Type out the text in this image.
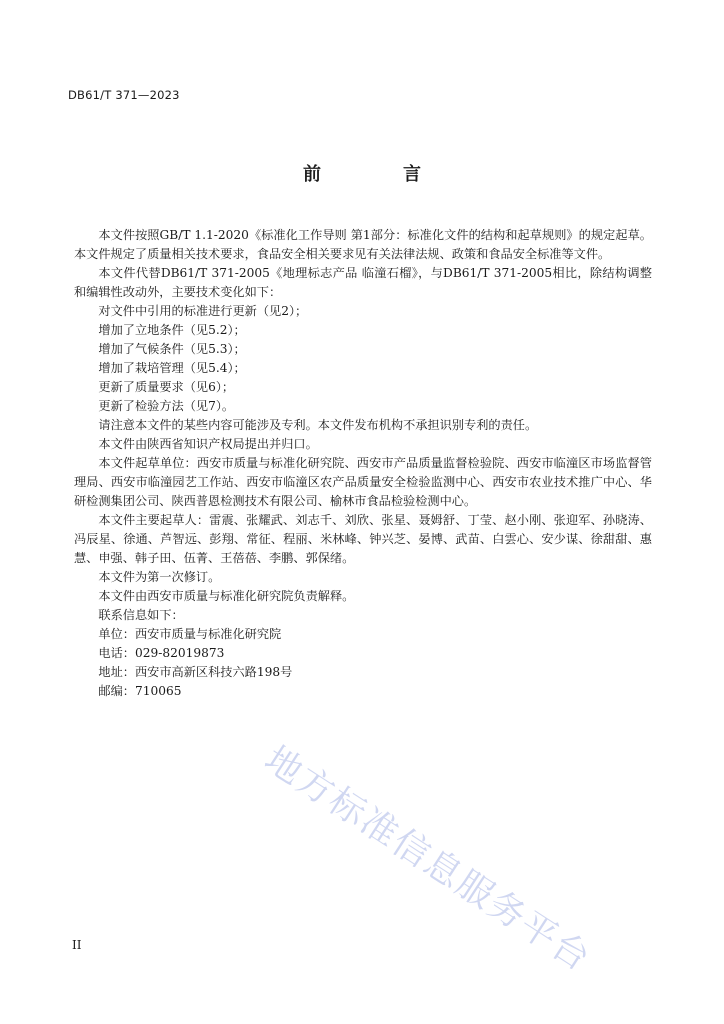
DB61/T 371—2023
前　言

本文件按照GB/T 1.1-2020《标准化工作导则 第1部分：标准化文件的结构和起草规则》的规定起草。本文件规定了质量相关技术要求，食品安全相关要求见有关法律法规、政策和食品安全标准等文件。

本文件代替DB61/T 371-2005《地理标志产品 临潼石榴》，与DB61/T 371-2005相比，除结构调整和编辑性改动外，主要技术变化如下：

对文件中引用的标准进行更新（见2）；

增加了立地条件（见5.2）；

增加了气候条件（见5.3）；

增加了栽培管理（见5.4）；

更新了质量要求（见6）；

更新了检验方法（见7）。

请注意本文件的某些内容可能涉及专利。本文件发布机构不承担识别专利的责任。

本文件由陕西省知识产权局提出并归口。

本文件起草单位：西安市质量与标准化研究院、西安市产品质量监督检验院、西安市临潼区市场监督管理局、西安市临潼园艺工作站、西安市临潼区农产品质量安全检验监测中心、西安市农业技术推广中心、华研检测集团公司、陕西普恩检测技术有限公司、榆林市食品检验检测中心。

本文件主要起草人：雷震、张耀武、刘志千、刘欣、张星、聂姆舒、丁莹、赵小刚、张迎军、孙晓涛、冯辰星、徐通、芦智远、彭翔、常征、程丽、米林峰、钟兴芝、晏博、武苗、白雲心、安少谋、徐甜甜、惠慧、申强、韩子田、伍菁、王蓓蓓、李鹏、郭保绪。

本文件为第一次修订。

本文件由西安市质量与标准化研究院负责解释。

联系信息如下：

单位：西安市质量与标准化研究院

电话：029-82019873

地址：西安市高新区科技六路198号

邮编：710065

地方标准信息服务平台
II
